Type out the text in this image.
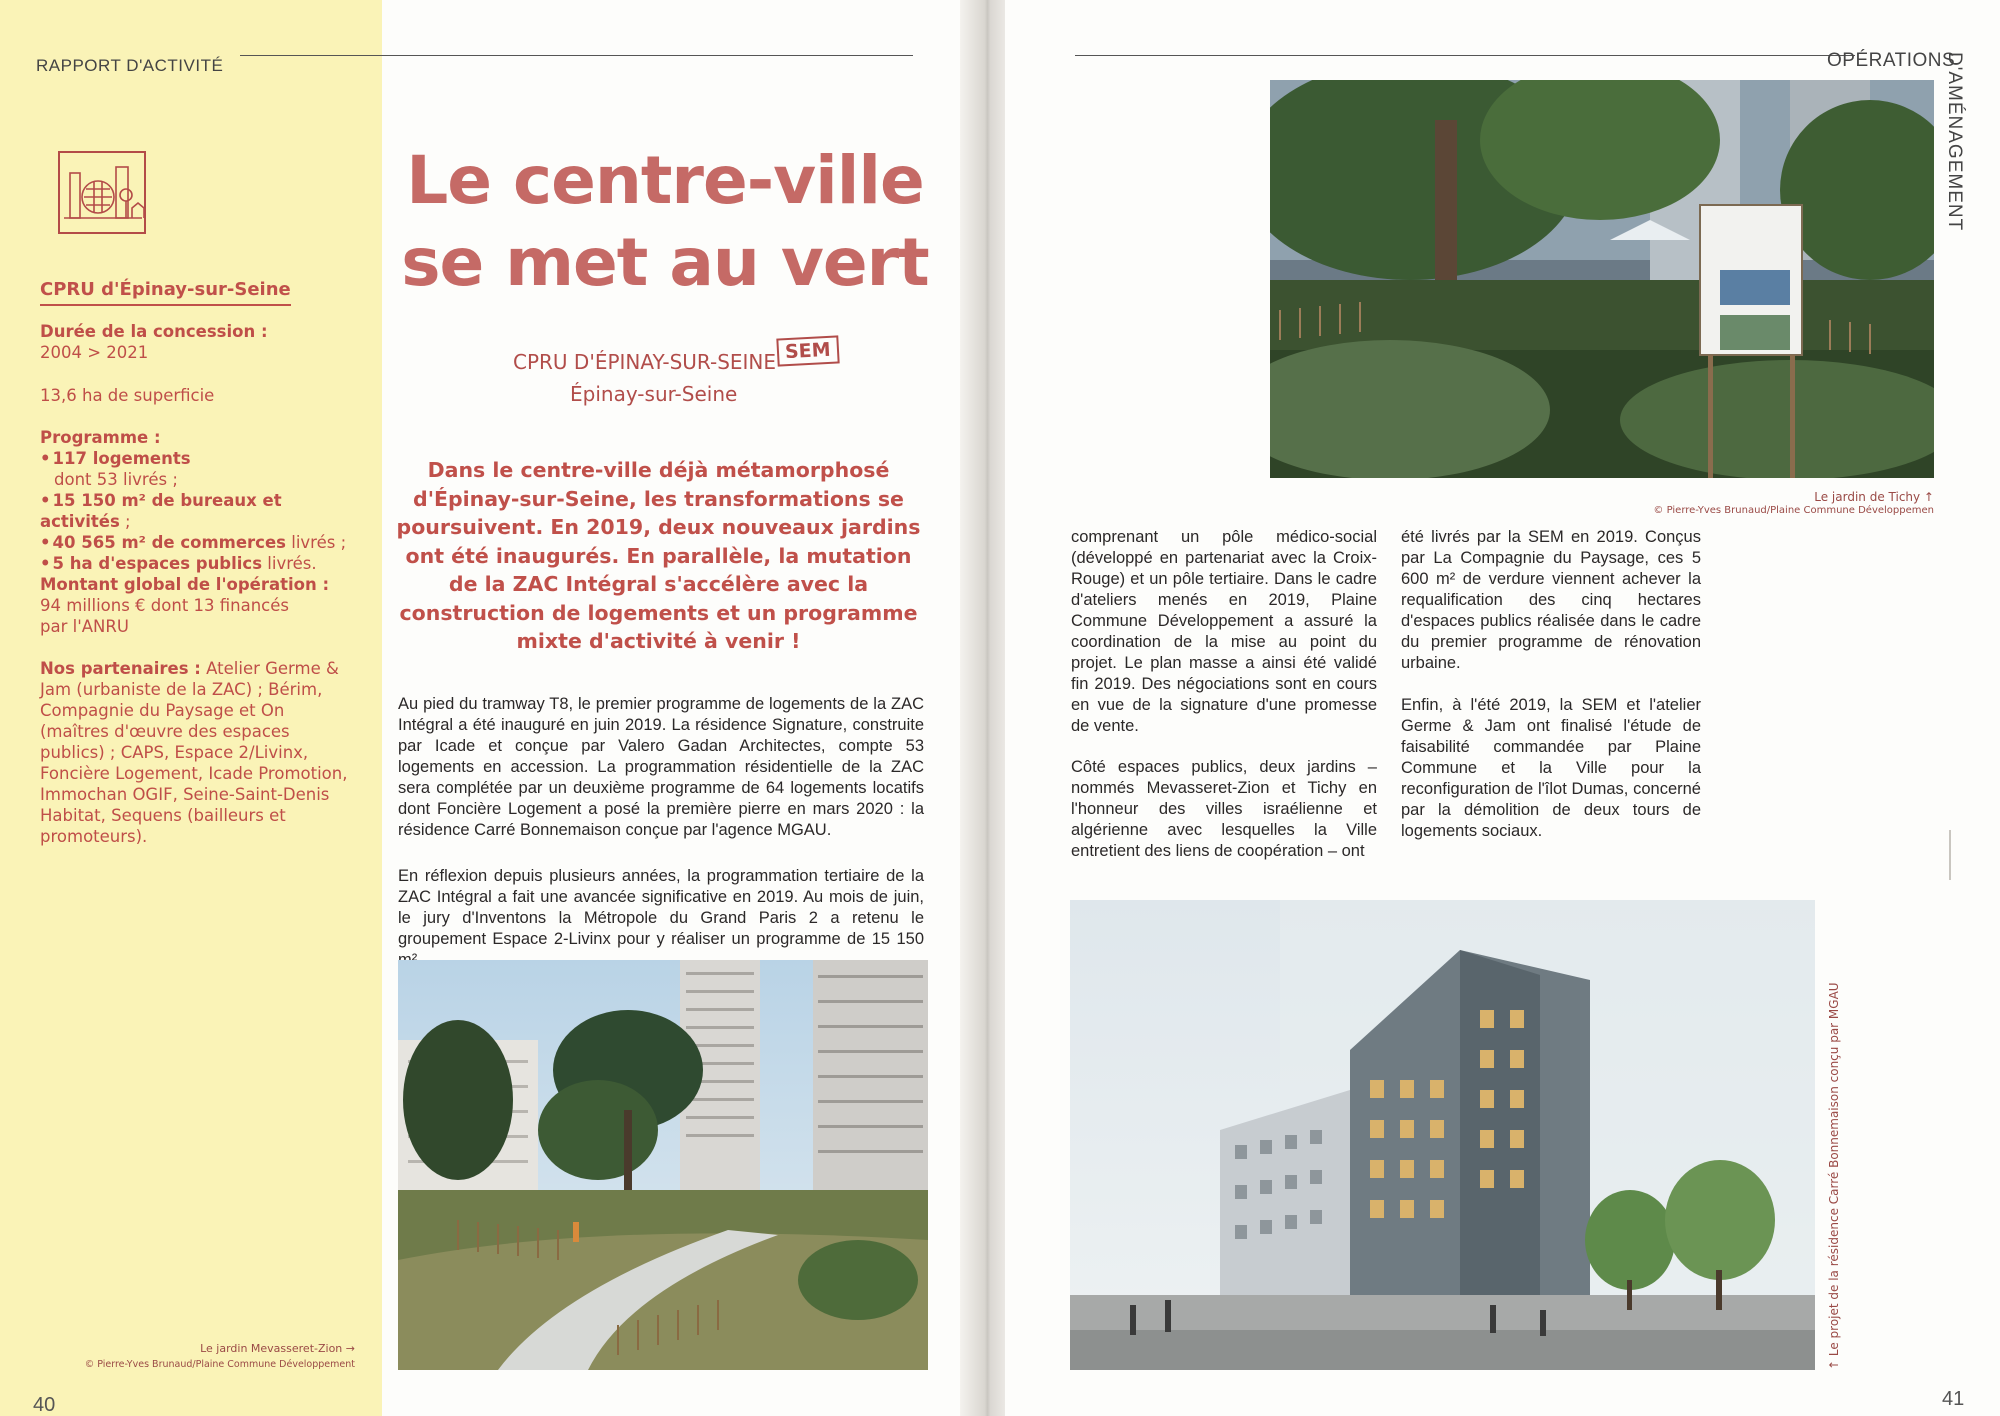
RAPPORT D'ACTIVITÉ
CPRU d'Épinay-sur-Seine
Durée de la concession :
2004 > 2021
13,6 ha de superficie
Programme :
• 117 logements
dont 53 livrés ;
• 15 150 m² de bureaux et activités ;
• 40 565 m² de commerces livrés ;
• 5 ha d'espaces publics livrés.
Montant global de l'opération :
94 millions € dont 13 financés
par l'ANRU
Nos partenaires : Atelier Germe & Jam (urbaniste de la ZAC) ; Bérim, Compagnie du Paysage et On (maîtres d'œuvre des espaces publics) ; CAPS, Espace 2/Livinx, Foncière Logement, Icade Promotion, Immochan OGIF, Seine-Saint-Denis Habitat, Sequens (bailleurs et promoteurs).
Le jardin Mevasseret-Zion →
© Pierre-Yves Brunaud/Plaine Commune Développement
40
Le centre-ville
se met au vert
CPRU D'ÉPINAY-SUR-SEINE SEM
Épinay-sur-Seine
Dans le centre-ville déjà métamorphosé d'Épinay-sur-Seine, les transformations se poursuivent. En 2019, deux nouveaux jardins ont été inaugurés. En parallèle, la mutation de la ZAC Intégral s'accélère avec la construction de logements et un programme mixte d'activité à venir !
Au pied du tramway T8, le premier programme de logements de la ZAC Intégral a été inauguré en juin 2019. La résidence Signature, construite par Icade et conçue par Valero Gadan Architectes, compte 53 logements en accession. La programmation résidentielle de la ZAC sera complétée par un deuxième programme de 64 logements locatifs dont Foncière Logement a posé la première pierre en mars 2020 : la résidence Carré Bonnemaison conçue par l'agence MGAU.
En réflexion depuis plusieurs années, la programmation tertiaire de la ZAC Intégral a fait une avancée significative en 2019. Au mois de juin, le jury d'Inventons la Métropole du Grand Paris 2 a retenu le groupement Espace 2-Livinx pour y réaliser un programme de 15 150
OPÉRATIONS
D'AMÉNAGEMENT
Le jardin de Tichy ↑
© Pierre-Yves Brunaud/Plaine Commune Développemen
comprenant un pôle médico-social (développé en partenariat avec la Croix-Rouge) et un pôle tertiaire. Dans le cadre d'ateliers menés en 2019, Plaine Commune Développement a assuré la coordination de la mise au point du projet. Le plan masse a ainsi été validé fin 2019. Des négociations sont en cours en vue de la signature d'une promesse de vente.
Côté espaces publics, deux jardins – nommés Mevasseret-Zion et Tichy en l'honneur des villes israélienne et algérienne avec lesquelles la Ville entretient des liens de coopération – ont
été livrés par la SEM en 2019. Conçus par La Compagnie du Paysage, ces 5 600 m² de verdure viennent achever la requalification des cinq hectares d'espaces publics réalisée dans le cadre du premier programme de rénovation urbaine.
Enfin, à l'été 2019, la SEM et l'atelier Germe & Jam ont finalisé l'étude de faisabilité commandée par Plaine Commune et la Ville pour la reconfiguration de l'îlot Dumas, concerné par la démolition de deux tours de logements sociaux.
↑ Le projet de la résidence Carré Bonnemaison conçu par MGAU
41
